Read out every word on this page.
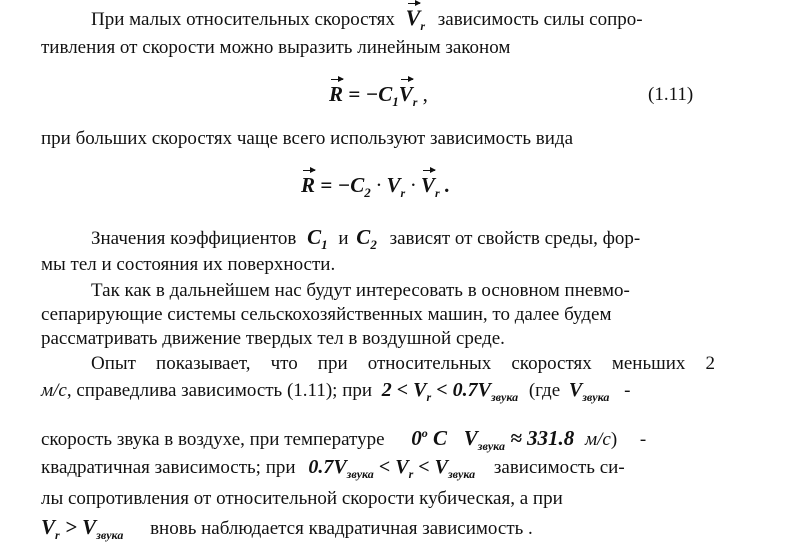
При малых относительных скоростях $V_r$ зависимость силы сопро-
тивления от скорости можно выразить линейным законом
$R = -C_1V_r$ ,	(1.11)
при больших скоростях чаще всего используют зависимость вида
$R = -C_2 \cdot V_r \cdot V_r$ .
Значения коэффициентов $C_1$ и $C_2$ зависят от свойств среды, фор-
мы тел и состояния их поверхности.
Так как в дальнейшем нас будут интересовать в основном пневмо-
сепарирующие системы сельскохозяйственных машин, то далее будем
рассматривать движение твердых тел в воздушной среде.
Опыт показывает, что при относительных скоростях меньших 2
м/с, справедлива зависимость (1.11); при $2 < V_r < 0.7V_{звука}$ (где $V_{звука}$ -
скорость звука в воздухе, при температуре 0$^o$ C $V_{звука} \approx 331.8$ м/с) -
квадратичная зависимость; при $0.7V_{звука} < V_r < V_{звука}$ зависимость си-
лы сопротивления от относительной скорости кубическая, а при
$V_r > V_{звука}$ вновь наблюдается квадратичная зависимость .
